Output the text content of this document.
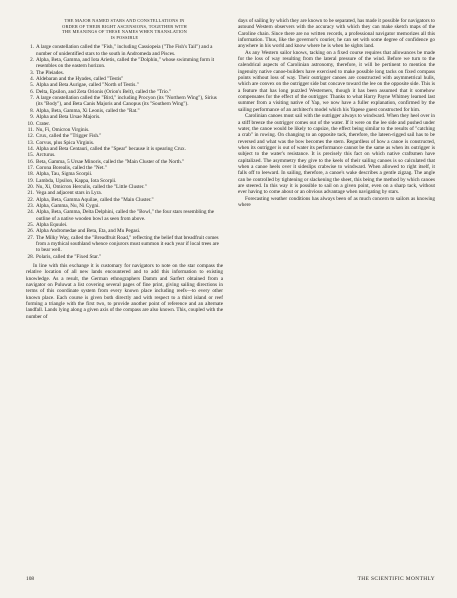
THE MAJOR NAMED STARS AND CONSTELLATIONS IN
ORDER OF THEIR RIGHT ASCENSIONS, TOGETHER WITH
THE MEANINGS OF THESE NAMES WHEN TRANSLATION
IS POSSIBLE
1. A large constellation called the "Fish," including Cassiopeia ("The Fish's Tail") and a number of unidentified stars to the south in Andromeda and Pisces.
2. Alpha, Beta, Gamma, and Iota Arietis, called the "Dolphin," whose swimming form it resembles on the eastern horizon.
3. The Pleiades.
4. Aldebaran and the Hyades, called "Testis"
5. Alpha and Beta Aurigae, called "North of Testis."
6. Delta, Epsilon, and Zeta Orionis (Orion's Belt), called the "Trio."
7. A large constellation called the "Bird," including Procyon (its "Northern Wing"), Sirius (its "Body"), and Beta Canis Majoris and Canopus (its "Southern Wing").
8. Alpha, Beta, Gamma, Xi Leonis, called the "Rat."
9. Alpha and Beta Ursae Majoris.
10. Crater.
11. Nu, Fi, Omicron Virginis.
12. Crux, called the "Trigger Fish."
13. Corvus, plus Spica Virginis.
14. Alpha and Beta Centauri, called the "Spear" because it is spearing Crux.
15. Arcturus.
16. Beta, Gamma, 5 Ursae Minoris, called the "Main Cluster of the North."
17. Corona Borealis, called the "Net."
18. Alpha, Tau, Sigma Scorpii.
19. Lambda, Upsilon, Kappa, Iota Scorpii.
20. Nu, Xi, Omicron Herculis, called the "Little Cluster."
21. Vega and adjacent stars in Lyra.
22. Alpha, Beta, Gamma Aquilae, called the "Main Cluster."
23. Alpha, Gamma, Nu, Ni Cygni.
24. Alpha, Beta, Gamma, Delta Delphini, called the "Bowl," the four stars resembling the outline of a native wooden bowl as seen from above.
25. Alpha Equulei.
26. Alpha Andromedae and Beta, Eta, and Mu Pegasi.
27. The Milky Way, called the "Breadfruit Road," reflecting the belief that breadfruit comes from a mythical southland whence conjurors must summon it each year if local trees are to bear well.
28. Polaris, called the "Fixed Star."

In line with this exchange it is customary for navigators to note on the star compass the relative location of all new lands encountered and to add this information to existing knowledge. As a result, the German ethnographers Damm and Sarfert obtained from a navigator on Puluwat a list covering several pages of fine print, giving sailing directions in terms of this coordinate system from every known place including reefs—to every other known place. Each course is given both directly and with respect to a third island or reef forming a triangle with the first two, to provide another point of reference and an alternate landfall. Lands lying along a given axis of the compass are also known. This, coupled with the number of

days of sailing by which they are known to be separated, has made it possible for navigators to astound Western observers with the accuracy with which they can make sketch maps of the Caroline chain. Since there are no written records, a professional navigator memorizes all this information. Thus, like the governor's courier, he can set with some degree of confidence go anywhere in his world and know where he is when he sights land.

As any Western sailor knows, tacking on a fixed course requires that allowances be made for the loss of way resulting from the lateral pressure of the wind. Before we turn to the calendrical aspects of Carolinian astronomy, therefore, it will be pertinent to mention the ingenuity native canoe-builders have exercised to make possible long tacks on fixed compass points without loss of way. Their outrigger canoes are constructed with asymmetrical hulls, which are convex on the outrigger side but concave toward the lee on the opposite side. This is a feature that has long puzzled Westerners, though it has been assumed that it somehow compensates for the effect of the outrigger. Thanks to what Harry Payne Whitney learned last summer from a visiting native of Yap, we now have a fuller explanation, confirmed by the sailing performance of an architect's model which his Yapese guest constructed for him.

Carolinian canoes must sail with the outrigger always to windward. When they heel over in a stiff breeze the outrigger comes out of the water. If it were on the lee side and pushed under water, the canoe would be likely to capsize, the effect being similar to the results of "catching a crab" in rowing. On changing to an opposite tack, therefore, the lateen-rigged sail has to be reversed and what was the bow becomes the stern. Regardless of how a canoe is constructed, when its outrigger is out of water its performance cannot be the same as when its outrigger is subject to the water's resistance. It is precisely this fact on which native craftsmen have capitalized. The asymmetry they give to the keels of their sailing canoes is so calculated that when a canoe heels over it sideslips crabwise to windward. When allowed to right itself, it falls off to leeward. In sailing, therefore, a canoe's wake describes a gentle zigzag. The angle can be controlled by tightening or slackening the sheet, this being the method by which canoes are steered. In this way it is possible to sail on a given point, even on a sharp tack, without ever having to come about or an obvious advantage when navigating by stars.

Forecasting weather conditions has always been of as much concern to sailors as knowing where

108	THE SCIENTIFIC MONTHLY
